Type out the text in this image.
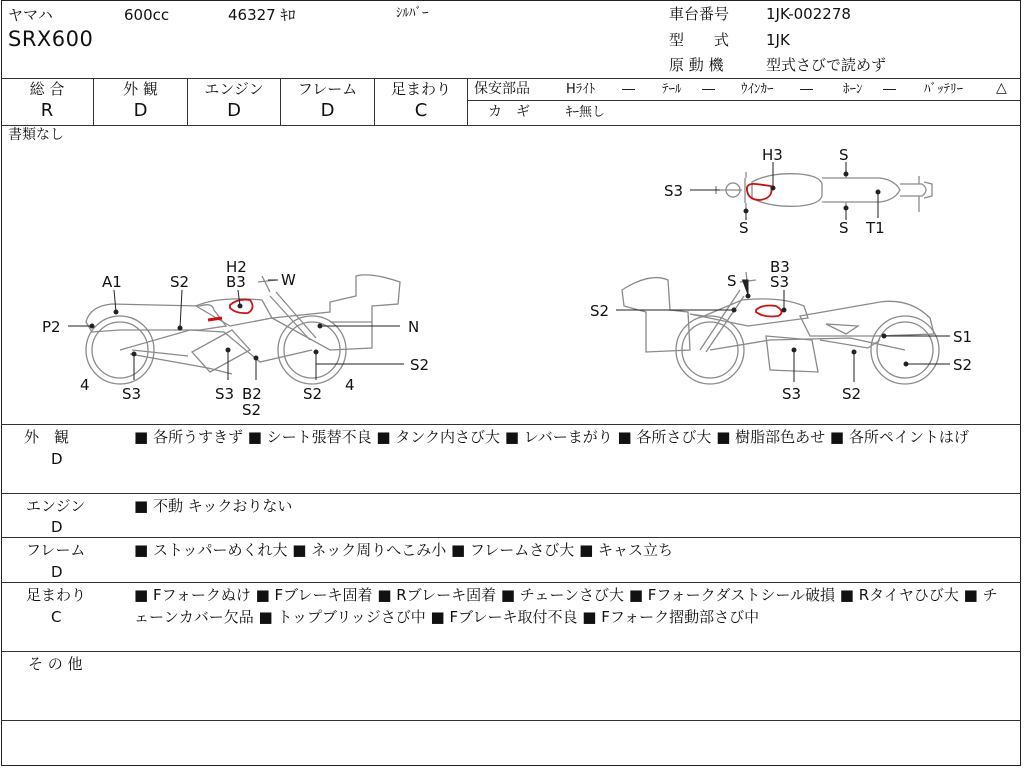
ヤマハ	600cc	46327 ｷﾛ	ｼﾙﾊﾞｰ
SRX600
車台番号 1JK-002278
型　　式 1JK
原 動 機	型式さびで読めず
総 合
R
外 観
D
エンジン
D
フレーム
D
足まわり
C
保安部品	Hﾗｲﾄ ― ﾃｰﾙ ― ｳｲﾝｶｰ ― ﾎｰﾝ ― ﾊﾞｯﾃﾘｰ △
カ　ギ	ｷｰ無し
書類なし
H3	S
S3
S	S T1
H2
B3 W
A1	S2
P2	N
S2
4 S3	S3 B2
S2
S2 4
S
B3
S3
S2
S1
S2
S3	S2
外　観
D
■ 各所うすきず ■ シート張替不良 ■ タンク内さび大 ■ レバーまがり ■ 各所さび大 ■ 樹脂部色あせ ■ 各所ペイントはげ
エンジン
D
■ 不動 キックおりない
フレーム
D
■ ストッパーめくれ大 ■ ネック周りへこみ小 ■ フレームさび大 ■ キャス立ち
足まわり
C
■ Fフォークぬけ ■ Fブレーキ固着 ■ Rブレーキ固着 ■ チェーンさび大 ■ Fフォークダストシール破損 ■ Rタイヤひび大 ■ チェーンカバー欠品 ■ トップブリッジさび中 ■ Fブレーキ取付不良 ■ Fフォーク摺動部さび中
そ の 他
